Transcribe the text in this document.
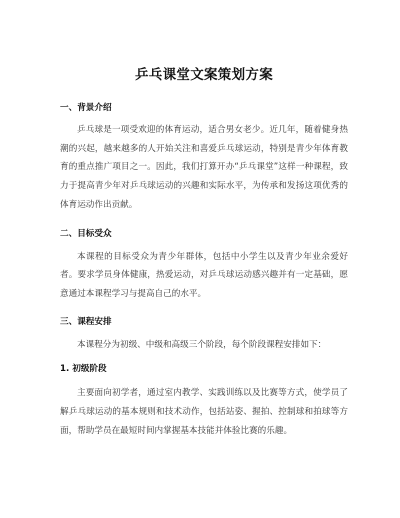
乒乓课堂文案策划方案
一、背景介绍

乒乓球是一项受欢迎的体育运动，适合男女老少。近几年，随着健身热潮的兴起，越来越多的人开始关注和喜爱乒乓球运动，特别是青少年体育教育的重点推广项目之一。因此，我们打算开办“乒乓课堂”这样一种课程，致力于提高青少年对乒乓球运动的兴趣和实际水平，为传承和发扬这项优秀的体育运动作出贡献。

二、目标受众

本课程的目标受众为青少年群体，包括中小学生以及青少年业余爱好者。要求学员身体健康，热爱运动，对乒乓球运动感兴趣并有一定基础，愿意通过本课程学习与提高自己的水平。

三、课程安排

本课程分为初级、中级和高级三个阶段，每个阶段课程安排如下：

1. 初级阶段

主要面向初学者，通过室内教学、实践训练以及比赛等方式，使学员了解乒乓球运动的基本规则和技术动作，包括站姿、握拍、控制球和拍球等方面，帮助学员在最短时间内掌握基本技能并体验比赛的乐趣。
